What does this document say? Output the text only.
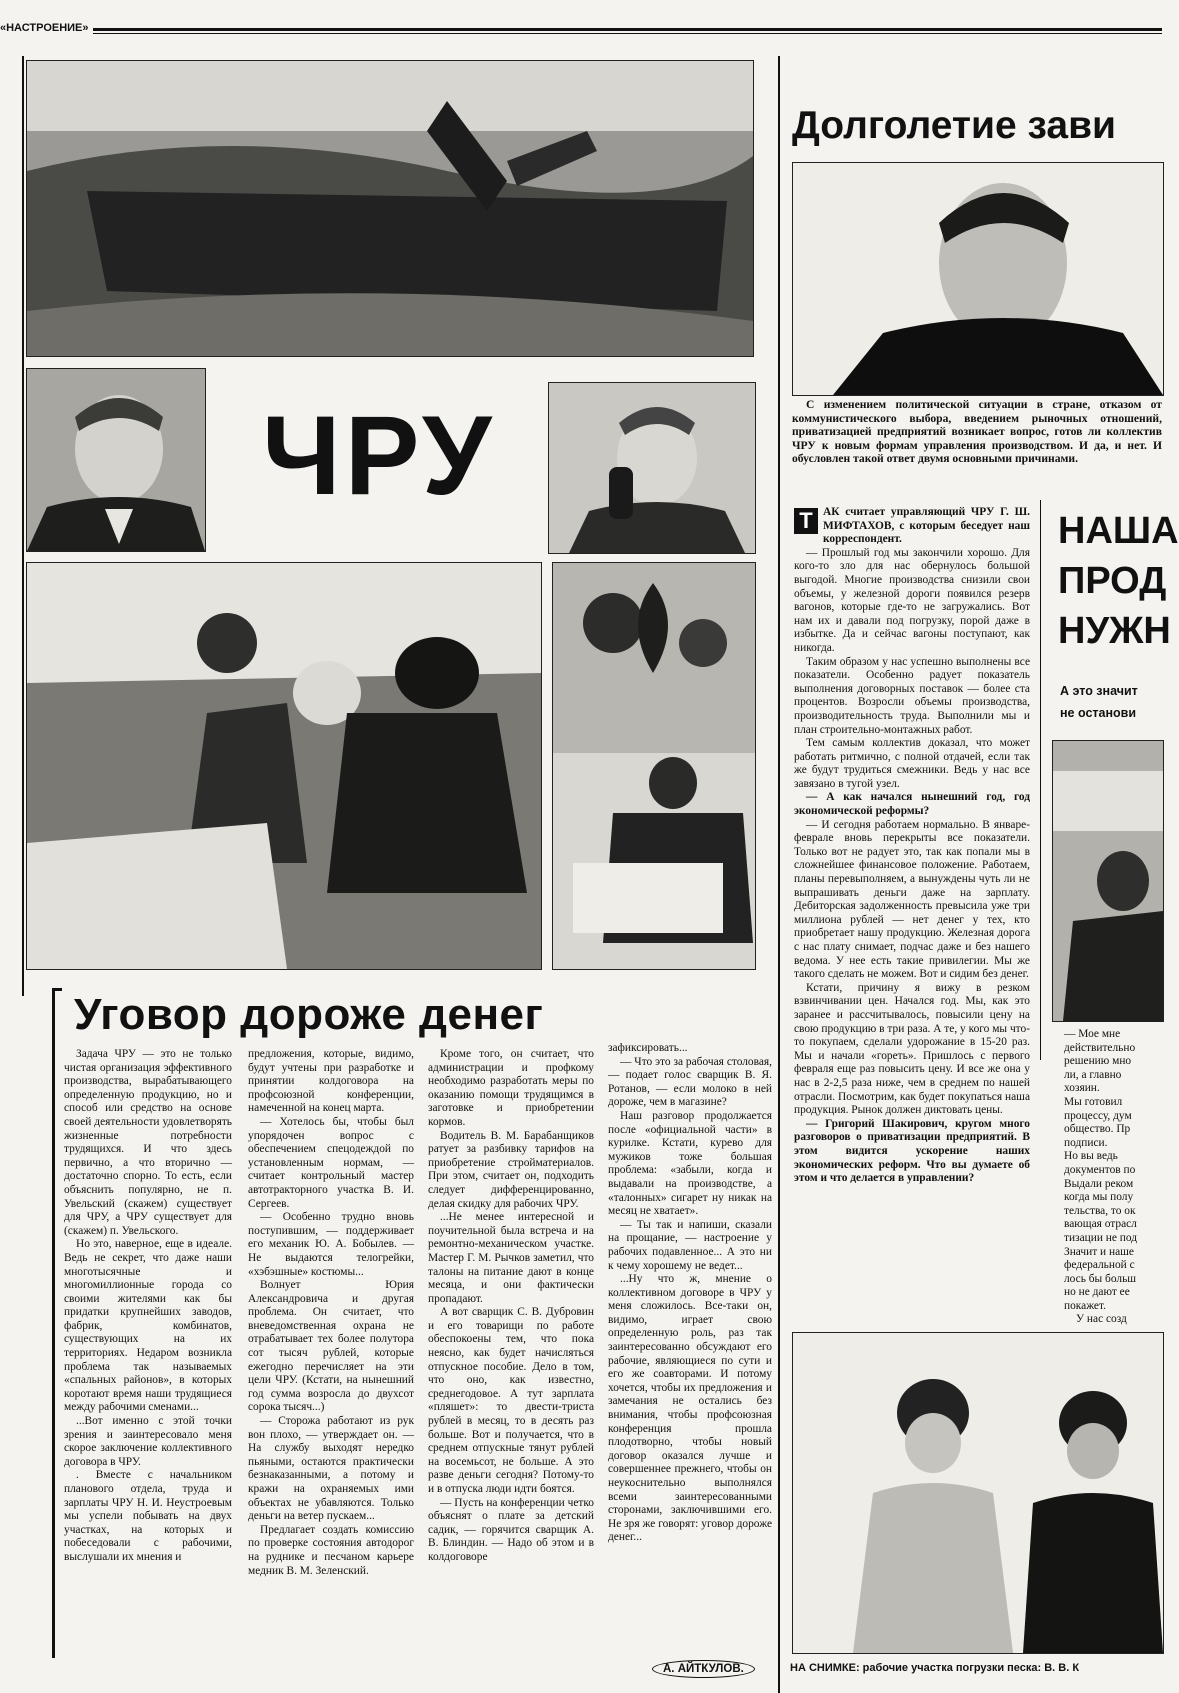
«НАСТРОЕНИЕ»
ЧРУ
Уговор дороже денег

Задача ЧРУ — это не только чистая организация эффективного производства, вырабатывающего определенную продукцию, но и способ или средство на основе своей деятельности удовлетворять жизненные потребности трудящихся. И что здесь первично, а что вторично — достаточно спорно. То есть, если объяснить популярно, не п. Увельский (скажем) существует для ЧРУ, а ЧРУ существует для (скажем) п. Увельского.

Но это, наверное, еще в идеале. Ведь не секрет, что даже наши многотысячные и многомиллионные города со своими жителями как бы придатки крупнейших заводов, фабрик, комбинатов, существующих на их территориях. Недаром возникла проблема так называемых «спальных районов», в которых коротают время наши трудящиеся между рабочими сменами...

...Вот именно с этой точки зрения и заинтересовало меня скорое заключение коллективного договора в ЧРУ.

. Вместе с начальником планового отдела, труда и зарплаты ЧРУ Н. И. Неустроевым мы успели побывать на двух участках, на которых и побеседовали с рабочими, выслушали их мнения и

предложения, которые, видимо, будут учтены при разработке и принятии колдоговора на профсоюзной конференции, намеченной на конец марта.

— Хотелось бы, чтобы был упорядочен вопрос с обеспечением спецодеждой по установленным нормам, — считает контрольный мастер автотракторного участка В. И. Сергеев.

— Особенно трудно вновь поступившим, — поддерживает его механик Ю. А. Бобылев. — Не выдаются телогрейки, «хэбэшные» костюмы...

Волнует Юрия Александровича и другая проблема. Он считает, что вневедомственная охрана не отрабатывает тех более полутора сот тысяч рублей, которые ежегодно перечисляет на эти цели ЧРУ. (Кстати, на нынешний год сумма возросла до двухсот сорока тысяч...)

— Сторожа работают из рук вон плохо, — утверждает он. — На службу выходят нередко пьяными, остаются практически безнаказанными, а потому и кражи на охраняемых ими объектах не убавляются. Только деньги на ветер пускаем...

Предлагает создать комиссию по проверке состояния автодорог на руднике и песчаном карьере медник В. М. Зеленский.

Кроме того, он считает, что администрации и профкому необходимо разработать меры по оказанию помощи трудящимся в заготовке и приобретении кормов.

Водитель В. М. Барабанщиков ратует за разбивку тарифов на приобретение стройматериалов. При этом, считает он, подходить следует дифференцированно, делая скидку для рабочих ЧРУ.

...Не менее интересной и поучительной была встреча и на ремонтно-механическом участке. Мастер Г. М. Рычков заметил, что талоны на питание дают в конце месяца, и они фактически пропадают.

А вот сварщик С. В. Дубровин и его товарищи по работе обеспокоены тем, что пока неясно, как будет начисляться отпускное пособие. Дело в том, что оно, как известно, среднегодовое. А тут зарплата «пляшет»: то двести-триста рублей в месяц, то в десять раз больше. Вот и получается, что в среднем отпускные тянут рублей на восемьсот, не больше. А это разве деньги сегодня? Потому-то и в отпуска люди идти боятся.

— Пусть на конференции четко объяснят о плате за детский садик, — горячится сварщик А. В. Блиндин. — Надо об этом и в колдоговоре

зафиксировать...

— Что это за рабочая столовая, — подает голос сварщик В. Я. Ротанов, — если молоко в ней дороже, чем в магазине?

Наш разговор продолжается после «официальной части» в курилке. Кстати, курево для мужиков тоже большая проблема: «забыли, когда и выдавали на производстве, а «талонных» сигарет ну никак на месяц не хватает».

— Ты так и напиши, сказали на прощание, — настроение у рабочих подавленное... А это ни к чему хорошему не ведет...

...Ну что ж, мнение о коллективном договоре в ЧРУ у меня сложилось. Все-таки он, видимо, играет свою определенную роль, раз так заинтересованно обсуждают его рабочие, являющиеся по сути и его же соавторами. И потому хочется, чтобы их предложения и замечания не остались без внимания, чтобы профсоюзная конференция прошла плодотворно, чтобы новый договор оказался лучше и совершеннее прежнего, чтобы он неукоснительно выполнялся всеми заинтересованными сторонами, заключившими его. Не зря же говорят: уговор дороже денег...

А. АЙТКУЛОВ.
Долголетие зави

С изменением политической ситуации в стране, отказом от коммунистического выбора, введением рыночных отношений, приватизацией предприятий возникает вопрос, готов ли коллектив ЧРУ к новым формам управления производством. И да, и нет. И обусловлен такой ответ двумя основными причинами.

Т АК считает управляющий ЧРУ Г. Ш. МИФТАХОВ, с которым беседует наш корреспондент.

— Прошлый год мы закончили хорошо. Для кого-то зло для нас обернулось большой выгодой. Многие производства снизили свои объемы, у железной дороги появился резерв вагонов, которые где-то не загружались. Вот нам их и давали под погрузку, порой даже в избытке. Да и сейчас вагоны поступают, как никогда.

Таким образом у нас успешно выполнены все показатели. Особенно радует показатель выполнения договорных поставок — более ста процентов. Возросли объемы производства, производительность труда. Выполнили мы и план строительно-монтажных работ.

Тем самым коллектив доказал, что может работать ритмично, с полной отдачей, если так же будут трудиться смежники. Ведь у нас все завязано в тугой узел.

— А как начался нынешний год, год экономической реформы?

— И сегодня работаем нормально. В январе-феврале вновь перекрыты все показатели. Только вот не радует это, так как попали мы в сложнейшее финансовое положение. Работаем, планы перевыполняем, а вынуждены чуть ли не выпрашивать деньги даже на зарплату. Дебиторская задолженность превысила уже три миллиона рублей — нет денег у тех, кто приобретает нашу продукцию. Железная дорога с нас плату снимает, подчас даже и без нашего ведома. У нее есть такие привилегии. Мы же такого сделать не можем. Вот и сидим без денег.

Кстати, причину я вижу в резком взвинчивании цен. Начался год. Мы, как это заранее и рассчитывалось, повысили цену на свою продукцию в три раза. А те, у кого мы что-то покупаем, сделали удорожание в 15-20 раз. Мы и начали «гореть». Пришлось с первого февраля еще раз повысить цену. И все же она у нас в 2-2,5 раза ниже, чем в среднем по нашей отрасли. Посмотрим, как будет покупаться наша продукция. Рынок должен диктовать цены.

— Григорий Шакирович, кругом много разговоров о приватизации предприятий. В этом видится ускорение наших экономических реформ. Что вы думаете об этом и что делается в управлении?

НАША
ПРОД
НУЖН
А это значит
не останови
— Мое мне
действительно
решению мно
ли, а главно
хозяин.
Мы готовил
процессу, дум
общество. Пр
подписи.
Но вы ведь
документов по
Выдали реком
когда мы полу
тельства, то ок
вающая отрасл
тизации не под
Значит и наше
федеральной с
лось бы больш
но не дают ее
покажет.
У нас созд
НА СНИМКЕ: рабочие участка погрузки песка: В. В. К
